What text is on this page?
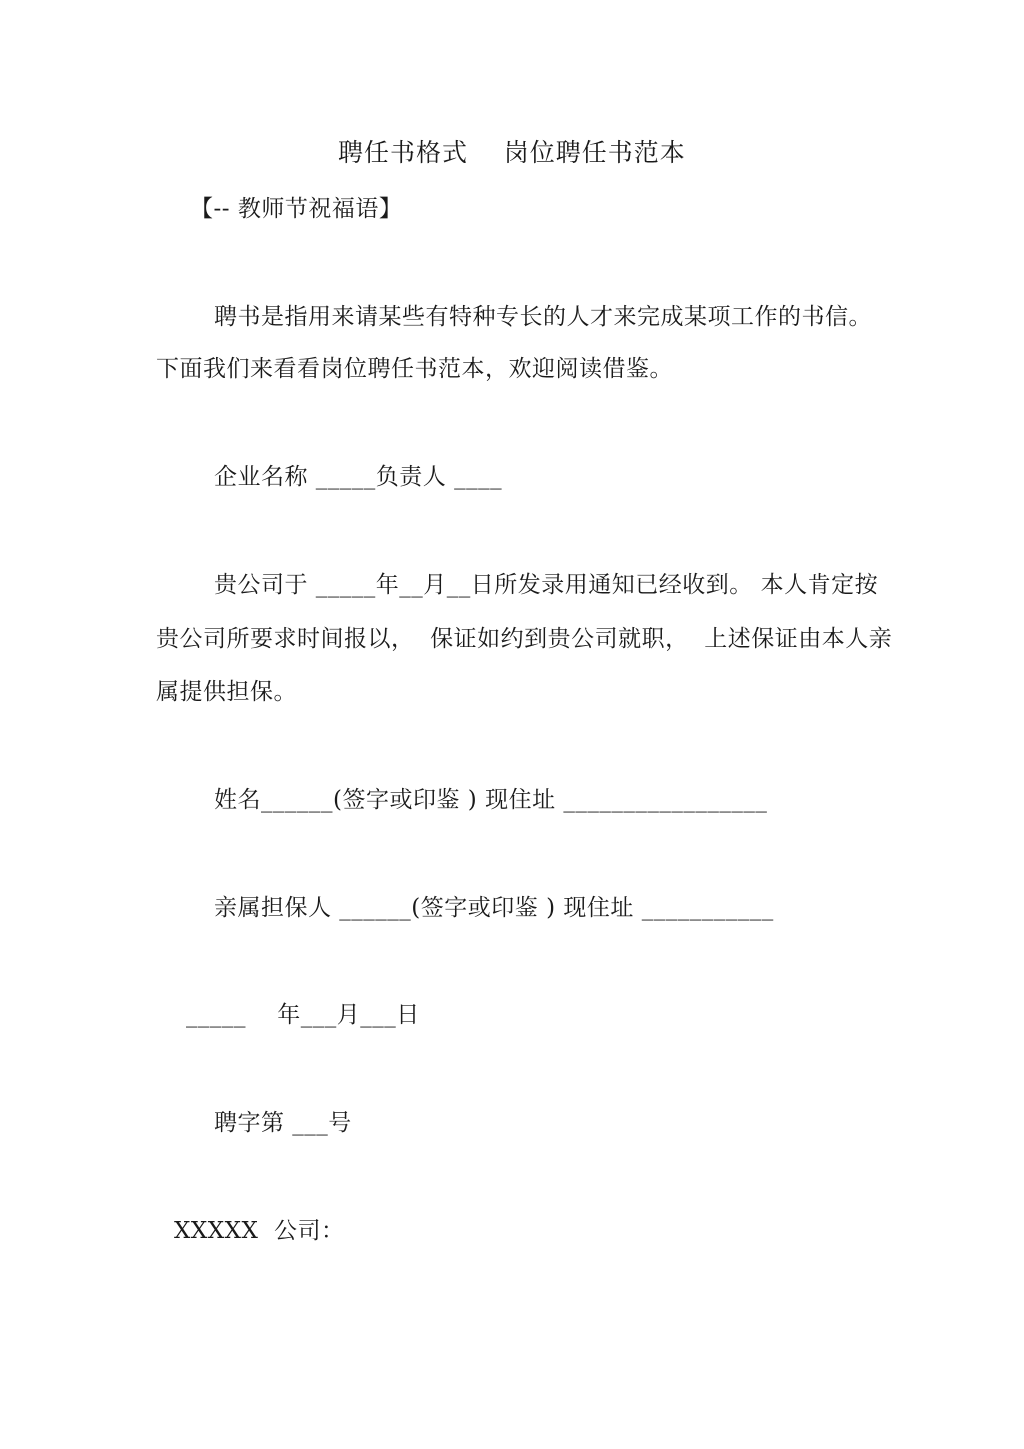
聘任书格式    岗位聘任书范本
【-- 教师节祝福语】
聘书是指用来请某些有特种专长的人才来完成某项工作的书信。
下面我们来看看岗位聘任书范本，欢迎阅读借鉴。
企业名称 _____负责人 ____
贵公司于 _____年__月__日所发录用通知已经收到。 本人肯定按
贵公司所要求时间报以，  保证如约到贵公司就职，  上述保证由本人亲
属提供担保。
姓名______(签字或印鉴 ) 现住址 _________________
亲属担保人 ______(签字或印鉴 ) 现住址 ___________
_____    年___月___日
聘字第 ___号
XXXXX  公司：
